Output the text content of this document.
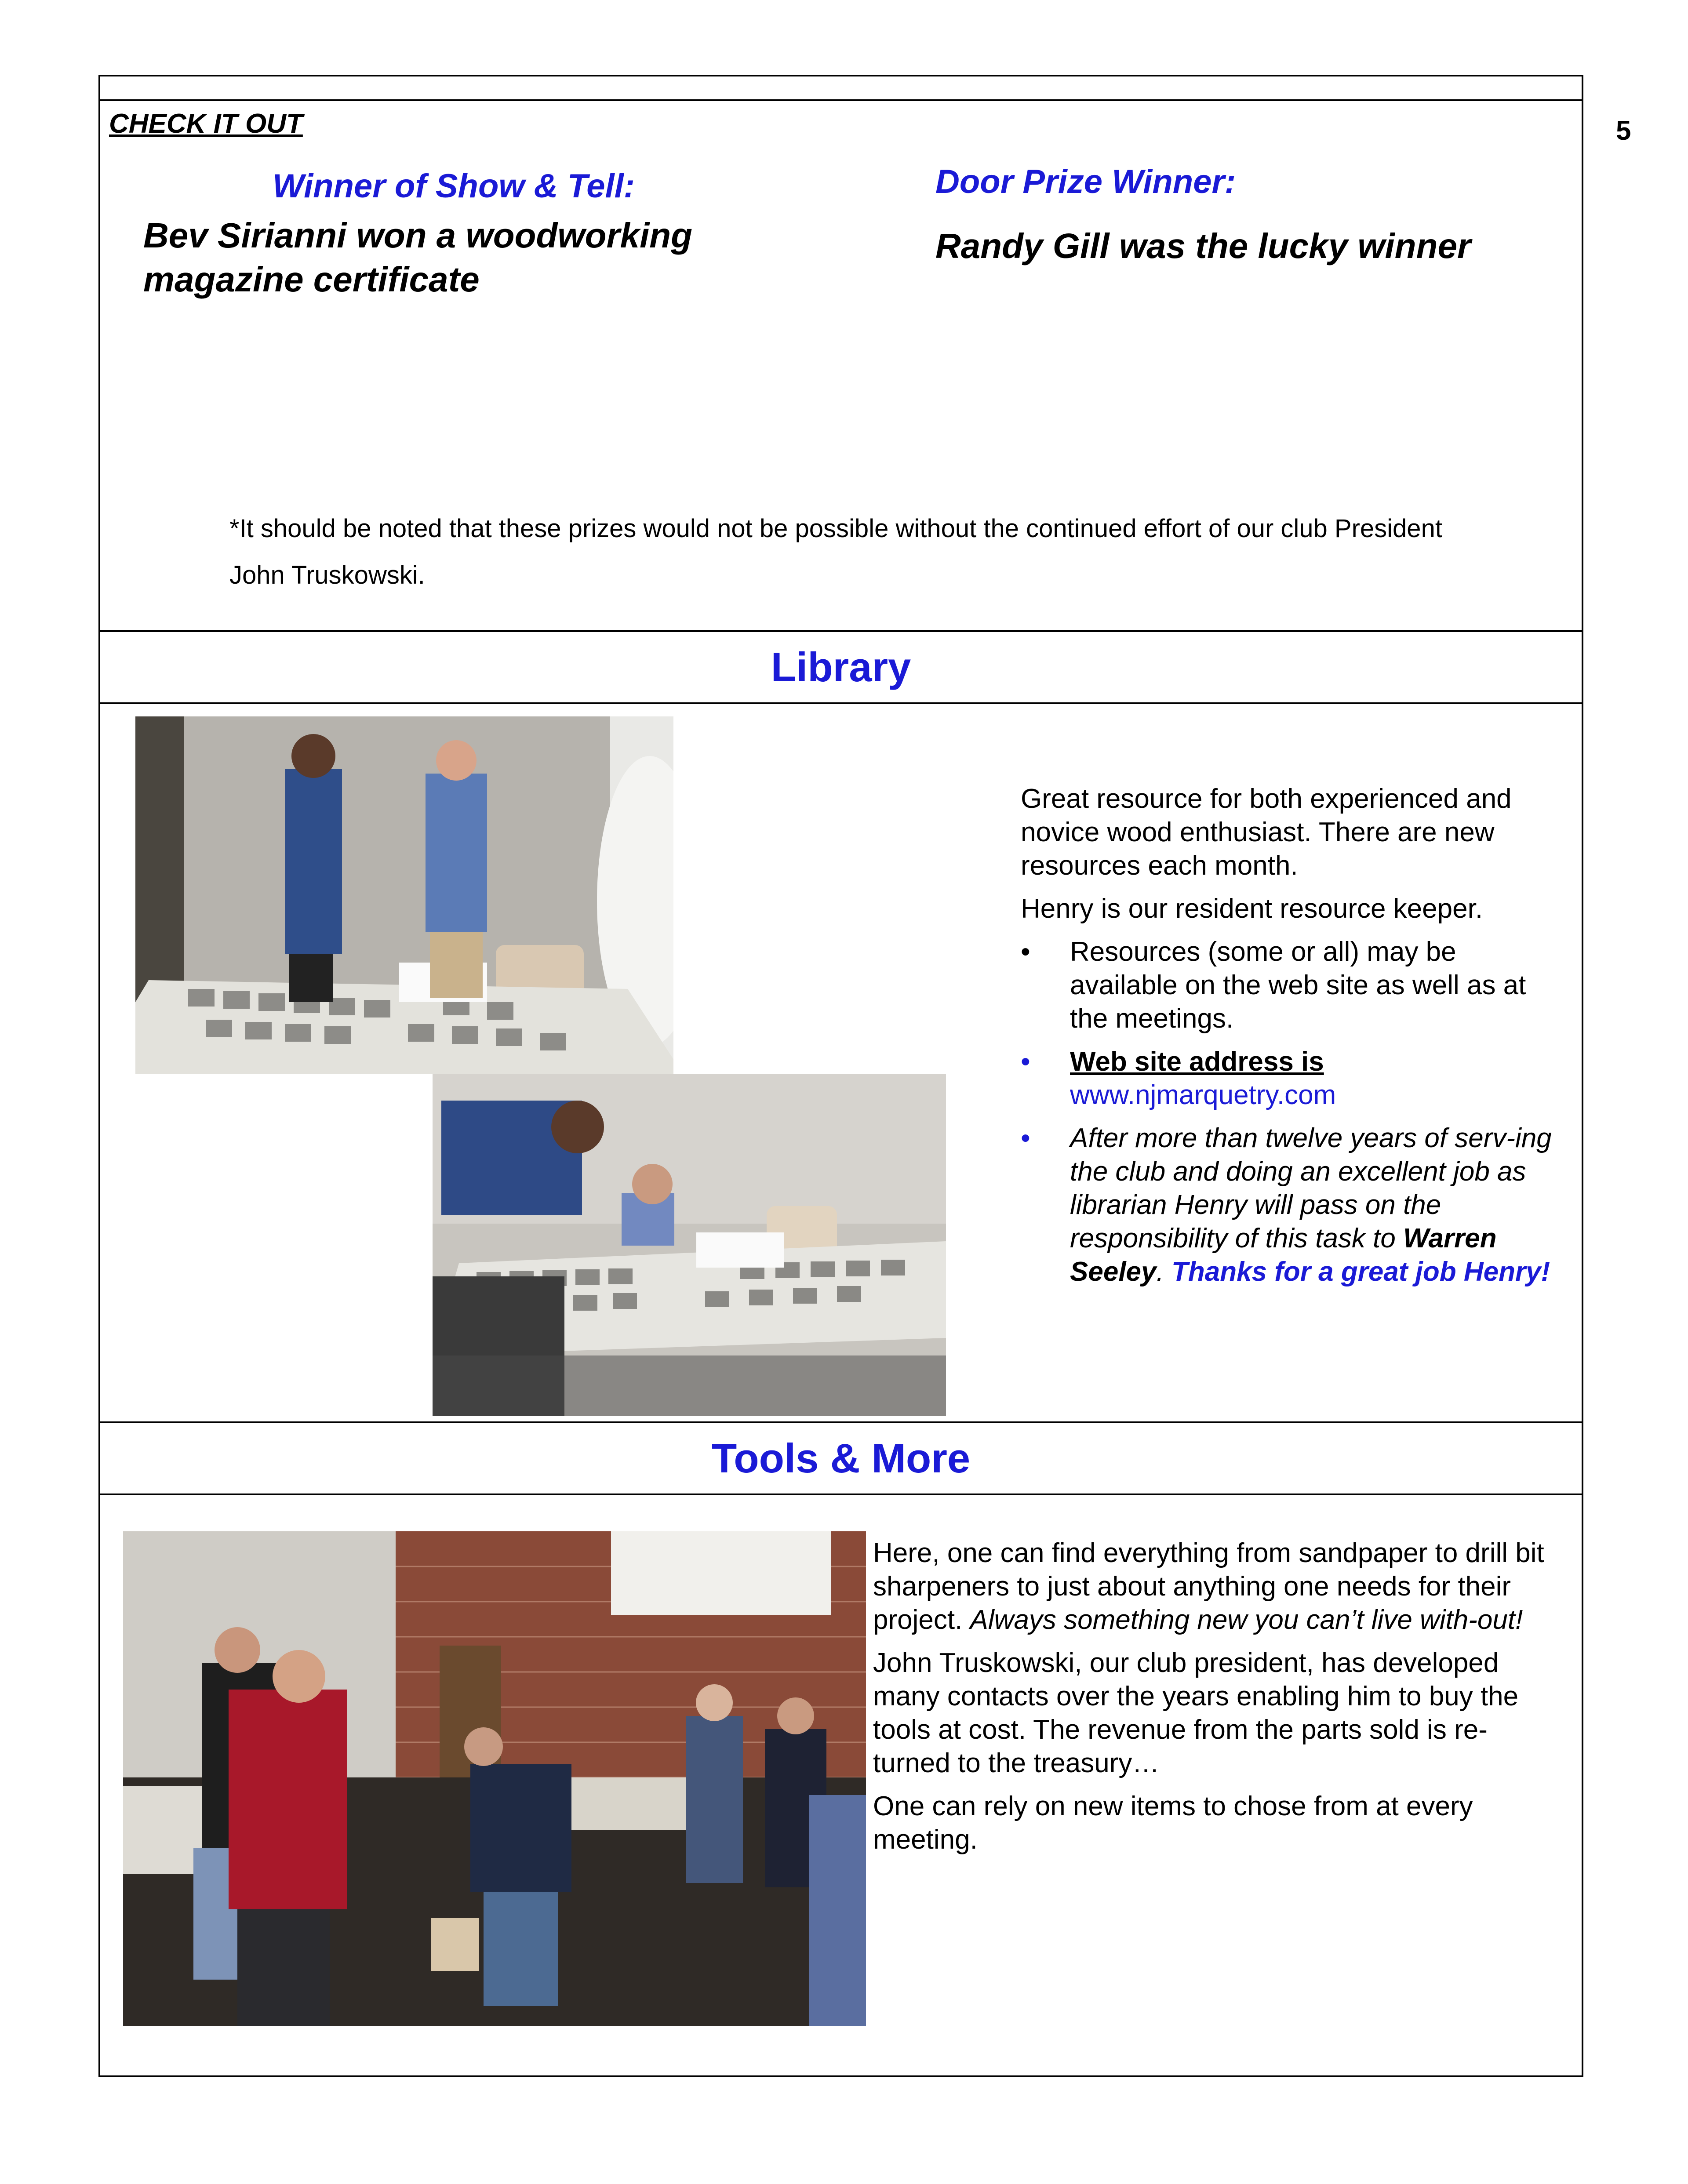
5
CHECK IT OUT
Winner of Show & Tell:
Bev Sirianni won a woodworking magazine certificate
Door Prize Winner:
Randy Gill was the lucky winner
*It should be noted that these prizes would not be possible without the continued effort of our club President John Truskowski.
Library
Great resource for both experienced and novice wood enthusiast. There are new resources each month.
Henry is our resident resource keeper.
• Resources (some or all) may be available on the web site as well as at the meetings.
• Web site address is
www.njmarquetry.com
• After more than twelve years of serv-ing the club and doing an excellent job as librarian Henry will pass on the responsibility of this task to Warren Seeley. Thanks for a great job Henry!
Tools & More
Here, one can find everything from sandpaper to drill bit sharpeners to just about anything one needs for their project. Always something new you can’t live with-out!
John Truskowski, our club president, has developed many contacts over the years enabling him to buy the tools at cost. The revenue from the parts sold is re-turned to the treasury…
One can rely on new items to chose from at every meeting.
